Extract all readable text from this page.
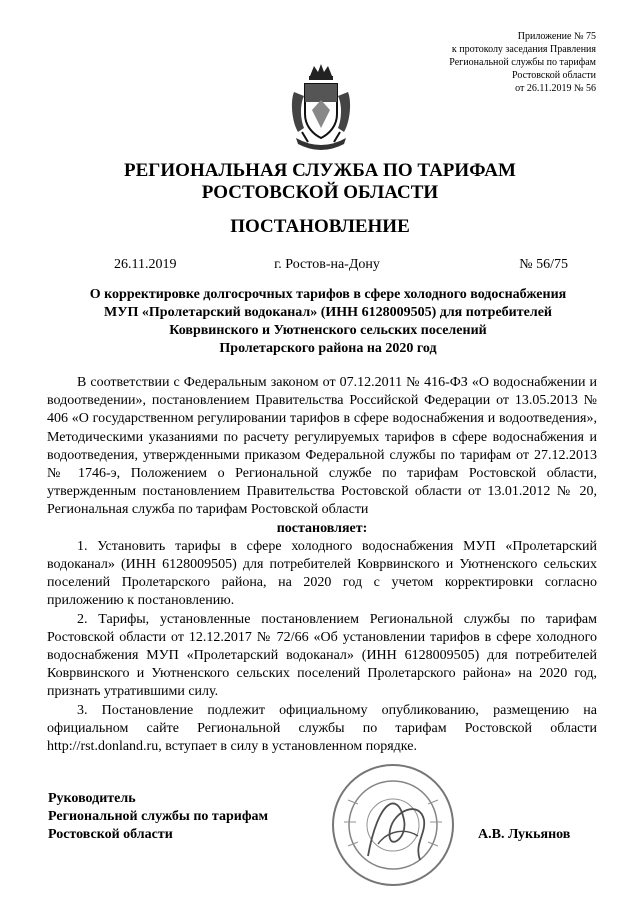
Приложение № 75
к протоколу заседания Правления
Региональной службы по тарифам
Ростовской области
от 26.11.2019 № 56
РЕГИОНАЛЬНАЯ СЛУЖБА ПО ТАРИФАМ
РОСТОВСКОЙ ОБЛАСТИ
ПОСТАНОВЛЕНИЕ
26.11.2019	г. Ростов-на-Дону	№ 56/75
О корректировке долгосрочных тарифов в сфере холодного водоснабжения
МУП «Пролетарский водоканал» (ИНН 6128009505) для потребителей
Коврвинского и Уютненского сельских поселений
Пролетарского района на 2020 год

В соответствии с Федеральным законом от 07.12.2011 № 416-ФЗ «О водоснабжении и водоотведении», постановлением Правительства Российской Федерации от 13.05.2013 № 406 «О государственном регулировании тарифов в сфере водоснабжения и водоотведения», Методическими указаниями по расчету регулируемых тарифов в сфере водоснабжения и водоотведения, утвержденными приказом Федеральной службы по тарифам от 27.12.2013 № 1746-э, Положением о Региональной службе по тарифам Ростовской области, утвержденным постановлением Правительства Ростовской области от 13.01.2012 № 20, Региональная служба по тарифам Ростовской области

постановляет:

1. Установить тарифы в сфере холодного водоснабжения МУП «Пролетарский водоканал» (ИНН 6128009505) для потребителей Коврвинского и Уютненского сельских поселений Пролетарского района, на 2020 год с учетом корректировки согласно приложению к постановлению.

2. Тарифы, установленные постановлением Региональной службы по тарифам Ростовской области от 12.12.2017 № 72/66 «Об установлении тарифов в сфере холодного водоснабжения МУП «Пролетарский водоканал» (ИНН 6128009505) для потребителей Коврвинского и Уютненского сельских поселений Пролетарского района» на 2020 год, признать утратившими силу.

3. Постановление подлежит официальному опубликованию, размещению на официальном сайте Региональной службы по тарифам Ростовской области http://rst.donland.ru, вступает в силу в установленном порядке.

Руководитель
Региональной службы по тарифам
Ростовской области	А.В. Лукьянов
